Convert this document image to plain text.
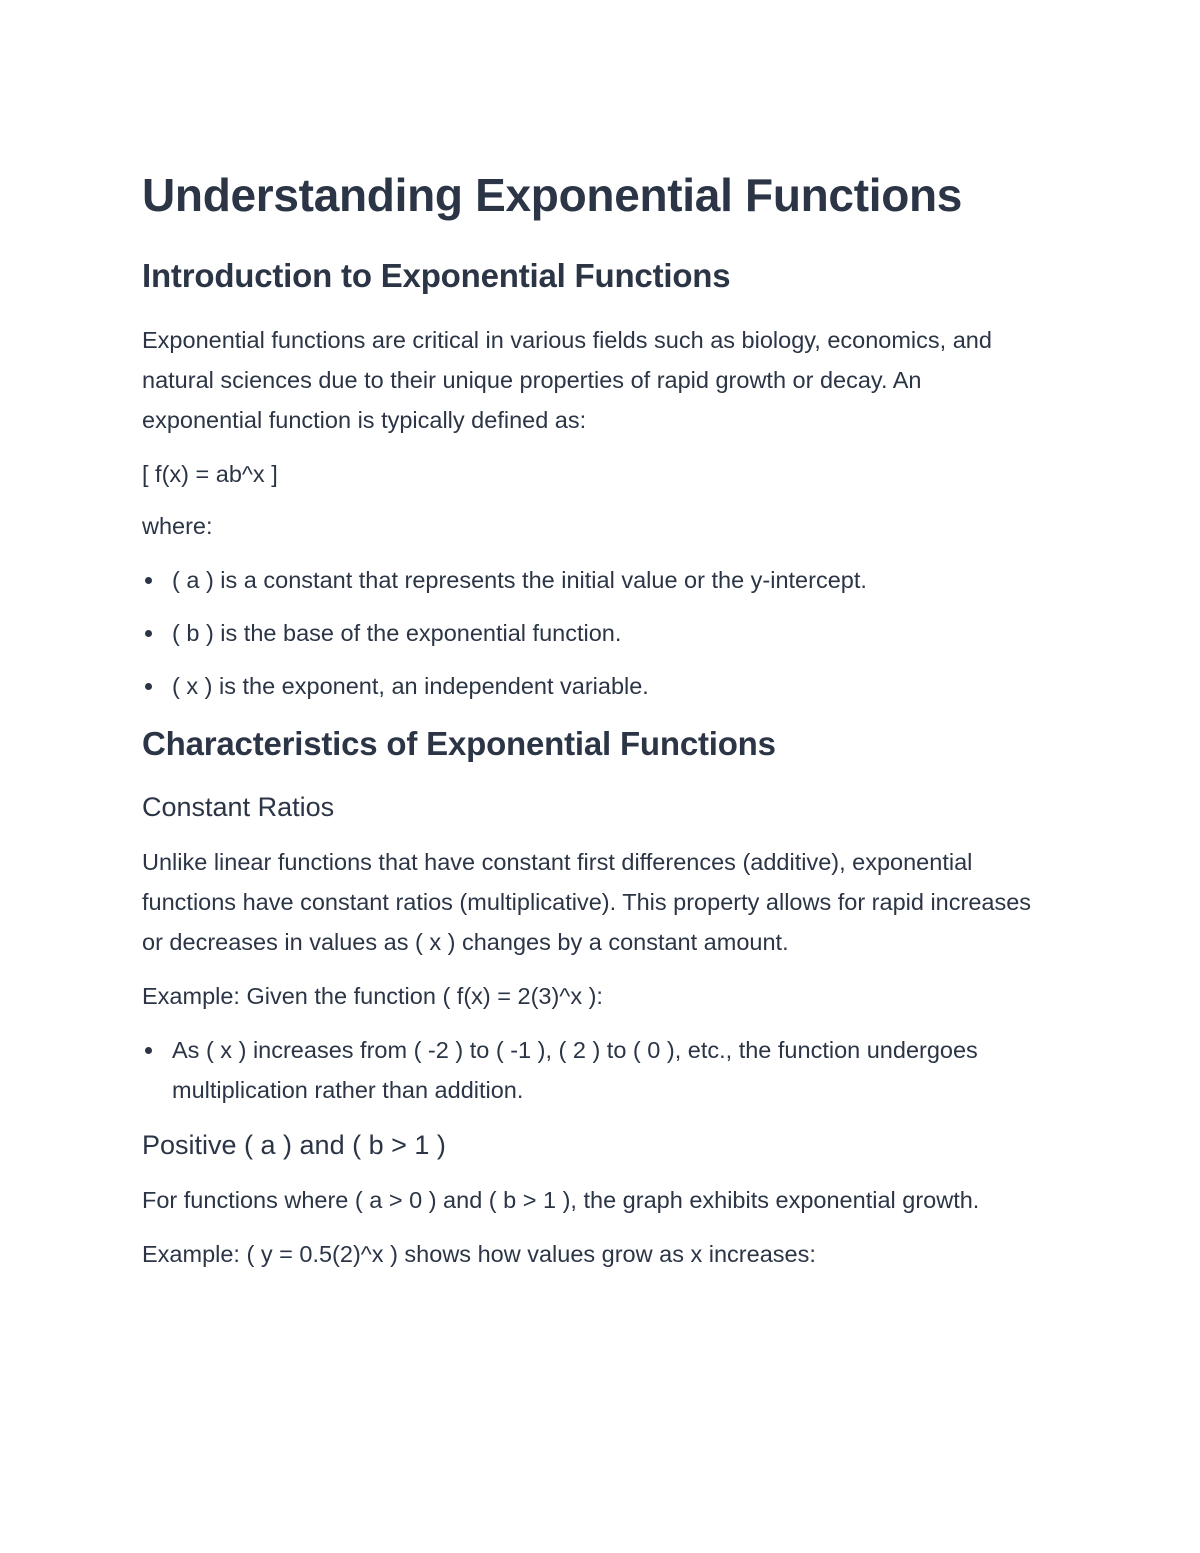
Understanding Exponential Functions
Introduction to Exponential Functions

Exponential functions are critical in various fields such as biology, economics, and natural sciences due to their unique properties of rapid growth or decay. An exponential function is typically defined as:

[ f(x) = ab^x ]

where:

( a ) is a constant that represents the initial value or the y-intercept.
( b ) is the base of the exponential function.
( x ) is the exponent, an independent variable.
Characteristics of Exponential Functions
Constant Ratios

Unlike linear functions that have constant first differences (additive), exponential functions have constant ratios (multiplicative). This property allows for rapid increases or decreases in values as ( x ) changes by a constant amount.

Example: Given the function ( f(x) = 2(3)^x ):

As ( x ) increases from ( -2 ) to ( -1 ), ( 2 ) to ( 0 ), etc., the function undergoes multiplication rather than addition.
Positive ( a ) and ( b > 1 )

For functions where ( a > 0 ) and ( b > 1 ), the graph exhibits exponential growth.

Example: ( y = 0.5(2)^x ) shows how values grow as x increases:
